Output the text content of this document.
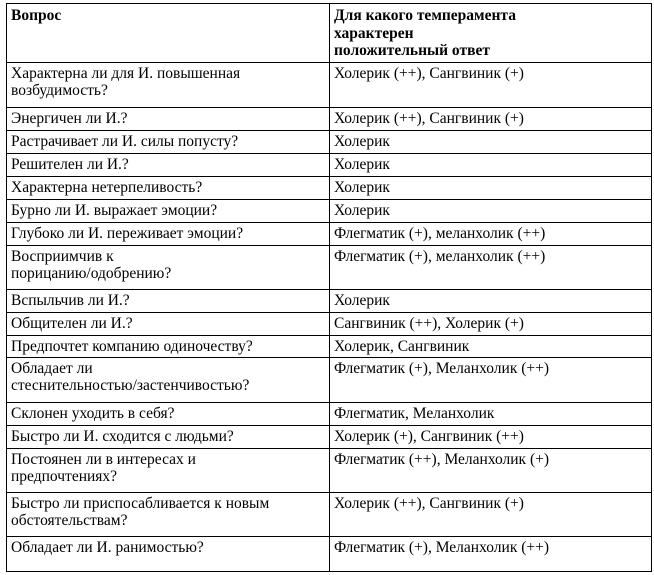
Вопрос	Для какого темперамента
характерен
положительный ответ
Характерна ли для И. повышенная
возбудимость?	Холерик (++), Сангвиник (+)
Энергичен ли И.?	Холерик (++), Сангвиник (+)
Растрачивает ли И. силы попусту?	Холерик
Решителен ли И.?	Холерик
Характерна нетерпеливость?	Холерик
Бурно ли И. выражает эмоции?	Холерик
Глубоко ли И. переживает эмоции?	Флегматик (+), меланхолик (++)
Восприимчив к
порицанию/одобрению?	Флегматик (+), меланхолик (++)
Вспыльчив ли И.?	Холерик
Общителен ли И.?	Сангвиник (++), Холерик (+)
Предпочтет компанию одиночеству?	Холерик, Сангвиник
Обладает ли
стеснительностью/застенчивостью?	Флегматик (+), Меланхолик (++)
Склонен уходить в себя?	Флегматик, Меланхолик
Быстро ли И. сходится с людьми?	Холерик (+), Сангвиник (++)
Постоянен ли в интересах и
предпочтениях?	Флегматик (++), Меланхолик (+)
Быстро ли приспосабливается к новым
обстоятельствам?	Холерик (++), Сангвиник (+)
Обладает ли И. ранимостью?	Флегматик (+), Меланхолик (++)
